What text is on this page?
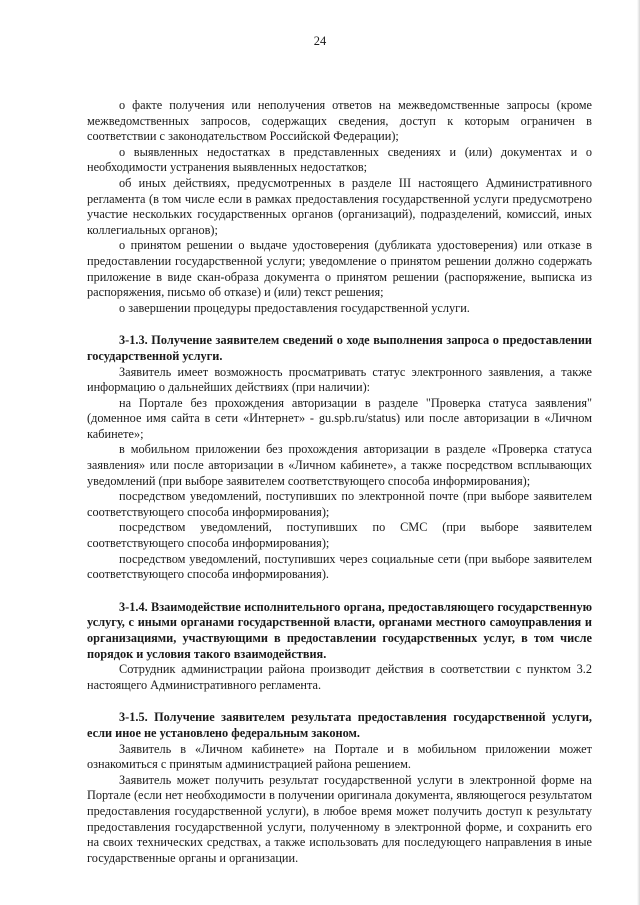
24

о факте получения или неполучения ответов на межведомственные запросы (кроме межведомственных запросов, содержащих сведения, доступ к которым ограничен в соответствии с законодательством Российской Федерации);

о выявленных недостатках в представленных сведениях и (или) документах и о необходимости устранения выявленных недостатков;

об иных действиях, предусмотренных в разделе III настоящего Административного регламента (в том числе если в рамках предоставления государственной услуги предусмотрено участие нескольких государственных органов (организаций), подразделений, комиссий, иных коллегиальных органов);

о принятом решении о выдаче удостоверения (дубликата удостоверения) или отказе в предоставлении государственной услуги; уведомление о принятом решении должно содержать приложение в виде скан-образа документа о принятом решении (распоряжение, выписка из распоряжения, письмо об отказе) и (или) текст решения;

о завершении процедуры предоставления государственной услуги.

3-1.3. Получение заявителем сведений о ходе выполнения запроса о предоставлении государственной услуги.

Заявитель имеет возможность просматривать статус электронного заявления, а также информацию о дальнейших действиях (при наличии):

на Портале без прохождения авторизации в разделе "Проверка статуса заявления" (доменное имя сайта в сети «Интернет» - gu.spb.ru/status) или после авторизации в «Личном кабинете»;

в мобильном приложении без прохождения авторизации в разделе «Проверка статуса заявления» или после авторизации в «Личном кабинете», а также посредством всплывающих уведомлений (при выборе заявителем соответствующего способа информирования);

посредством уведомлений, поступивших по электронной почте (при выборе заявителем соответствующего способа информирования);

посредством уведомлений, поступивших по СМС (при выборе заявителем соответствующего способа информирования);

посредством уведомлений, поступивших через социальные сети (при выборе заявителем соответствующего способа информирования).

3-1.4. Взаимодействие исполнительного органа, предоставляющего государственную услугу, с иными органами государственной власти, органами местного самоуправления и организациями, участвующими в предоставлении государственных услуг, в том числе порядок и условия такого взаимодействия.

Сотрудник администрации района производит действия в соответствии с пунктом 3.2 настоящего Административного регламента.

3-1.5. Получение заявителем результата предоставления государственной услуги, если иное не установлено федеральным законом.

Заявитель в «Личном кабинете» на Портале и в мобильном приложении может ознакомиться с принятым администрацией района решением.

Заявитель может получить результат государственной услуги в электронной форме на Портале (если нет необходимости в получении оригинала документа, являющегося результатом предоставления государственной услуги), в любое время может получить доступ к результату предоставления государственной услуги, полученному в электронной форме, и сохранить его на своих технических средствах, а также использовать для последующего направления в иные государственные органы и организации.
